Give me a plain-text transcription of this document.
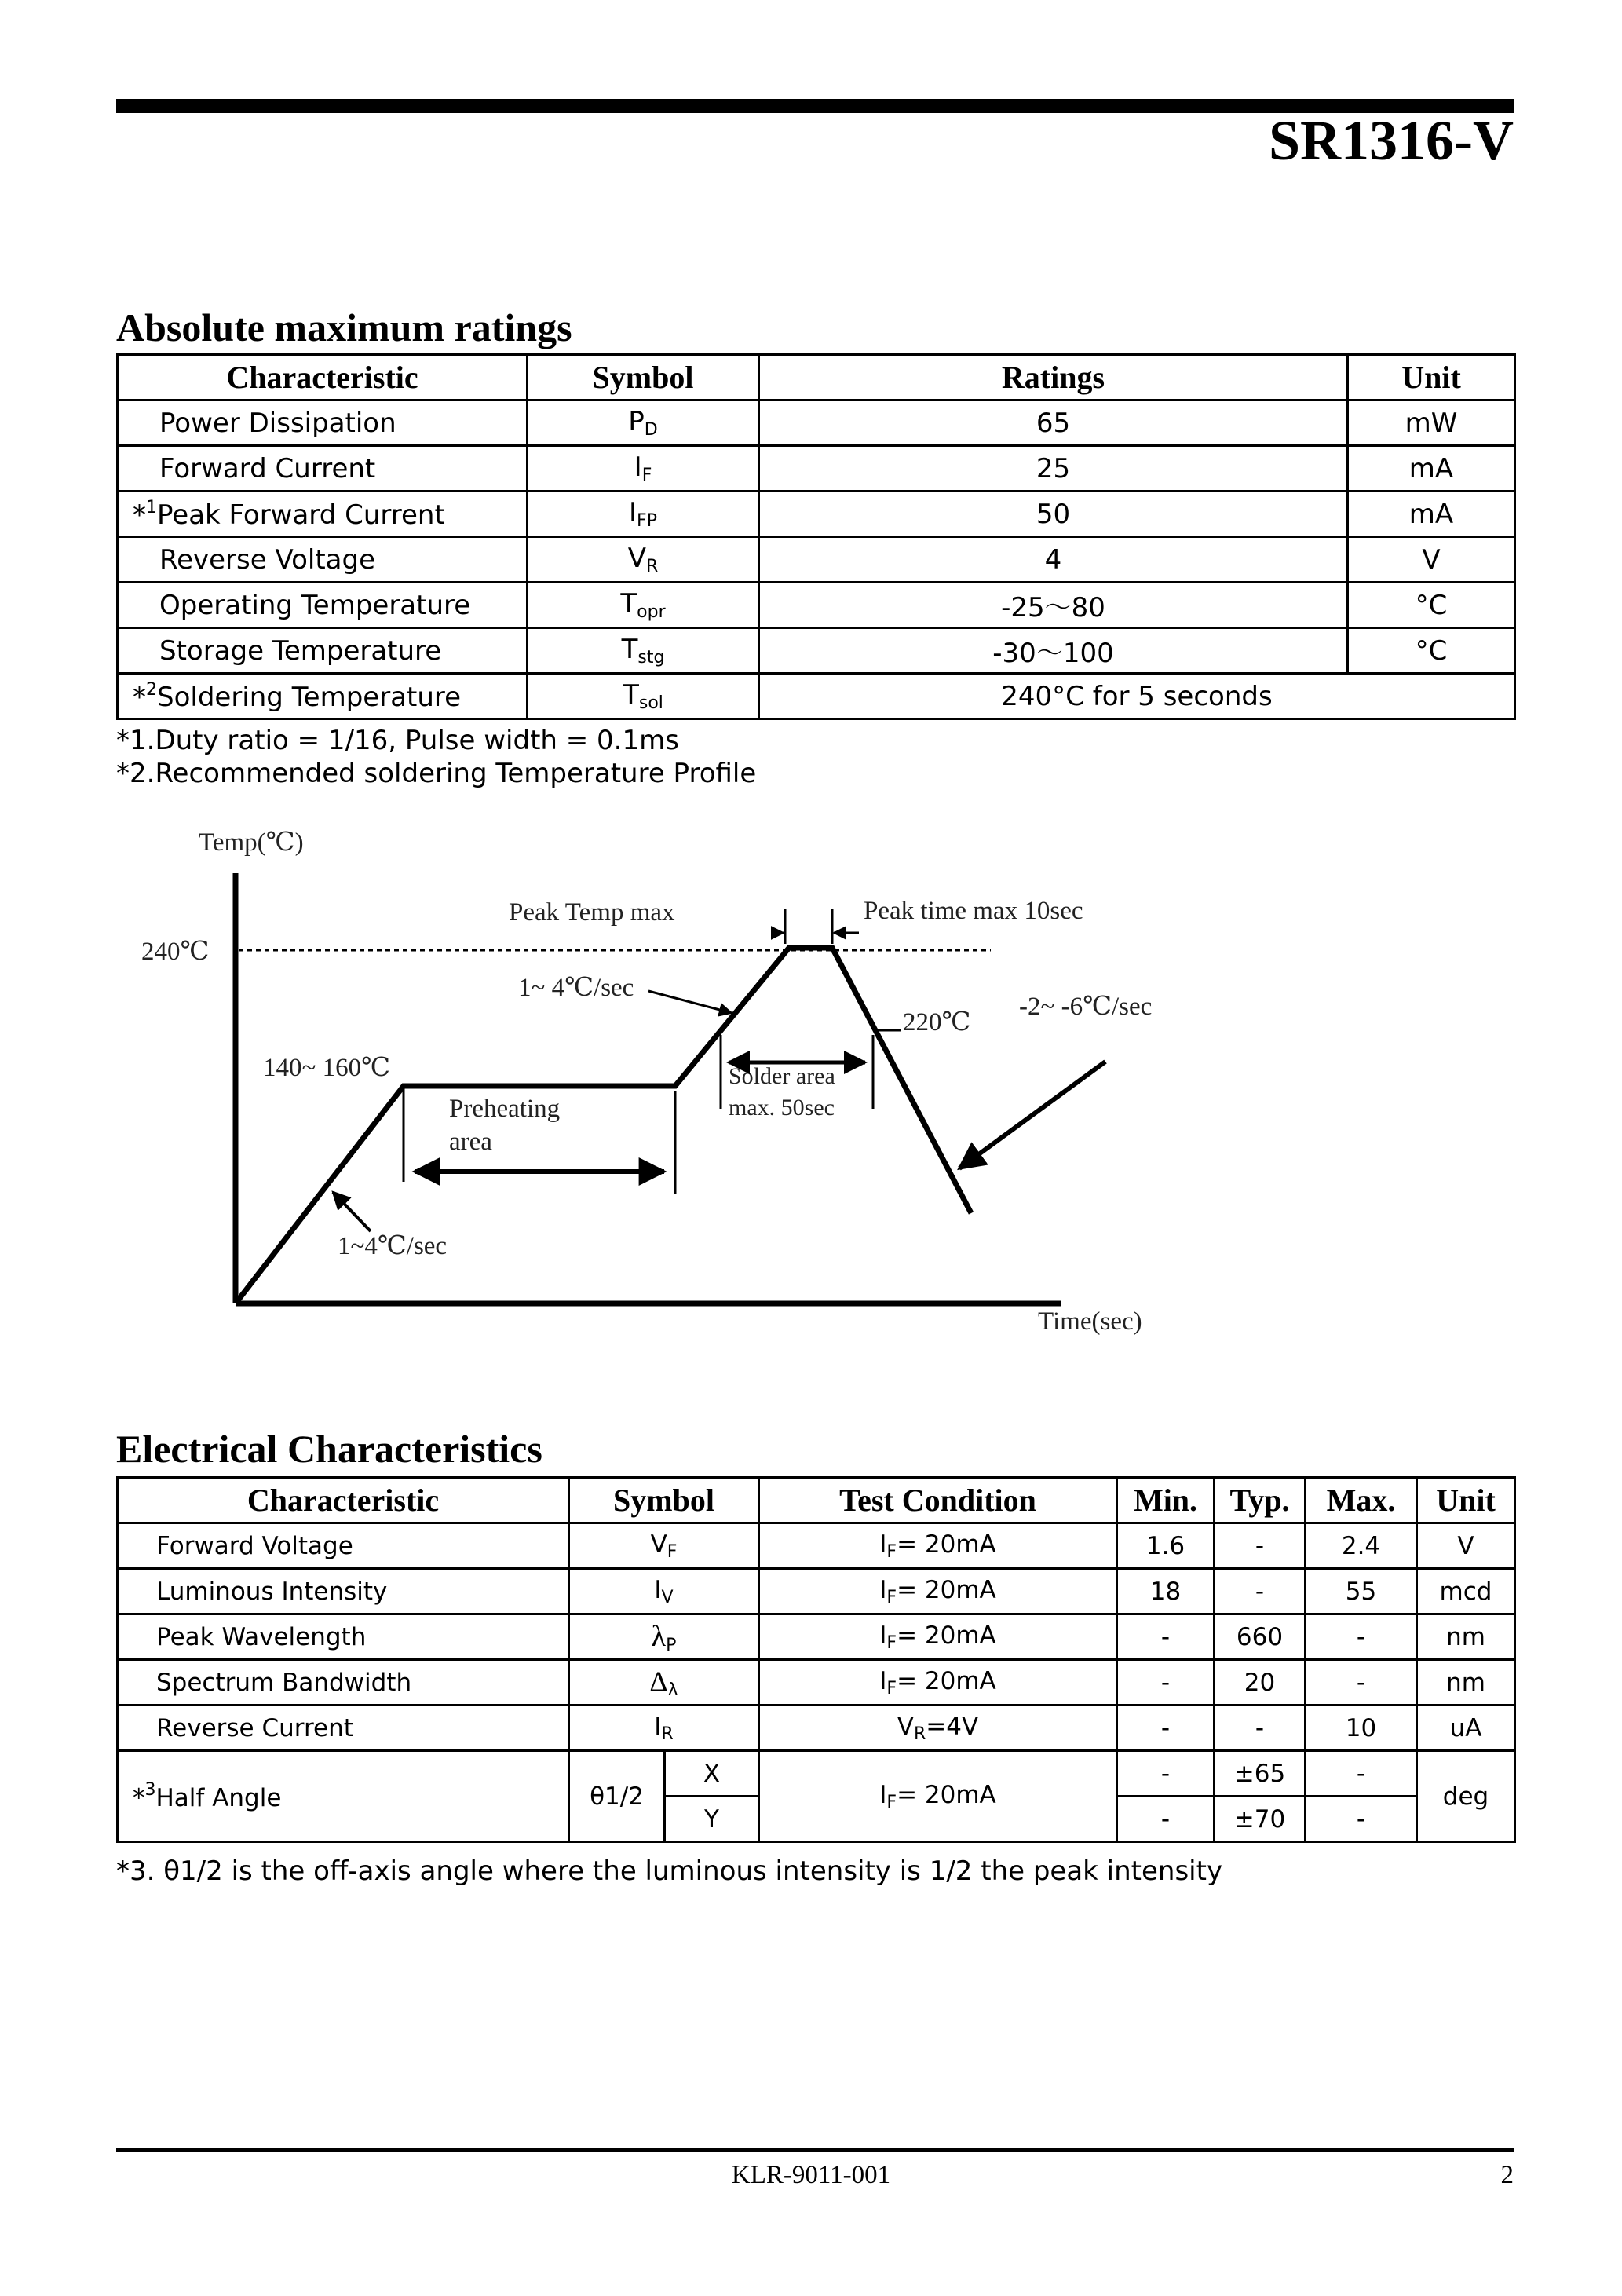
SR1316-V
Absolute maximum ratings
Characteristic	Symbol	Ratings	Unit
Power Dissipation	$P_D$	65	mW
Forward Current	$I_F$	25	mA
*$^1$Peak Forward Current	$I_{FP}$	50	mA
Reverse Voltage	$V_R$	4	V
Operating Temperature	$T_{opr}$	-25～80	°C
Storage Temperature	$T_{stg}$	-30～100	°C
*$^2$Soldering Temperature	$T_{sol}$	240°C for 5 seconds	
*1.Duty ratio = 1/16, Pulse width = 0.1ms
*2.Recommended soldering Temperature Profile
Temp(℃)
Time(sec)
240℃
140~ 160℃
Peak Temp max	Peak time max 10sec
1~ 4℃/sec
220℃
-2~ -6℃/sec
Preheating
area
Solder area
max. 50sec
1~4℃/sec
Electrical Characteristics
Characteristic	Symbol		Test Condition	Min.	Typ.	Max.	Unit
Forward Voltage	$V_F$		$I_F= 20mA$	1.6	-	2.4	V
Luminous Intensity	$I_V$		$I_F= 20mA$	18	-	55	mcd
Peak Wavelength	$\lambda_P$		$I_F= 20mA$	-	660	-	nm
Spectrum Bandwidth	$\Delta_\lambda$		$I_F= 20mA$	-	20	-	nm
Reverse Current	$I_R$		$V_R=4V$	-	-	10	uA
*$^3$Half Angle	θ1/2	X	$I_F= 20mA$	-	±65	-	deg
		Y		-	±70	-	
*3. θ1/2 is the off-axis angle where the luminous intensity is 1/2 the peak intensity
KLR-9011-001	2
